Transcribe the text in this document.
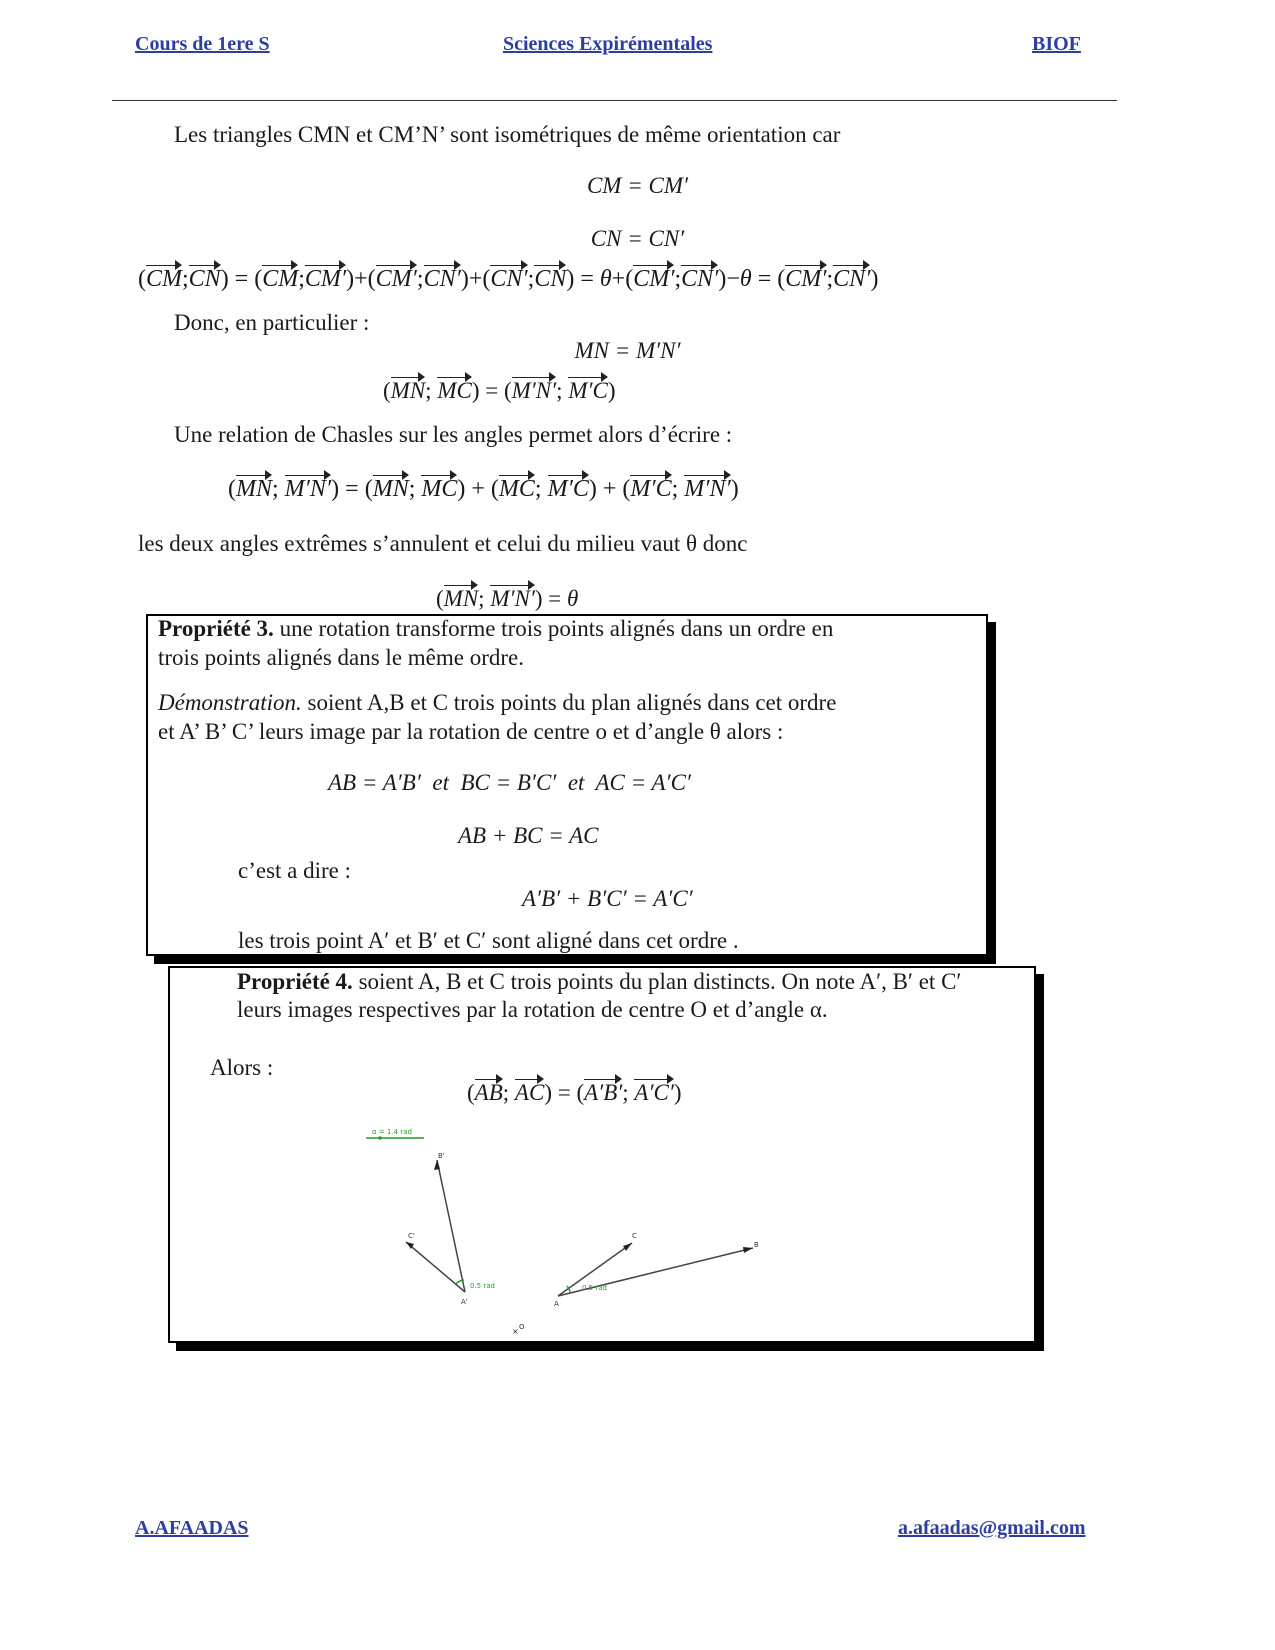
Cours de 1ere S	Sciences Expirémentales	BIOF
Les triangles CMN et CM’N’ sont isométriques de même orientation car
CM = CM′
CN = CN′
(CM;CN) = (CM;CM′)+(CM′;CN′)+(CN′;CN) = θ+(CM′;CN′)−θ = (CM′;CN′)
Donc, en particulier :
MN = M′N′
(MN; MC) = (M′N′; M′C)
Une relation de Chasles sur les angles permet alors d’écrire :
(MN; M′N′) = (MN; MC) + (MC; M′C) + (M′C; M′N′)
les deux angles extrêmes s’annulent et celui du milieu vaut θ donc
(MN; M′N′) = θ
Propriété 3. une rotation transforme trois points alignés dans un ordre en
trois points alignés dans le même ordre.
Démonstration. soient A,B et C trois points du plan alignés dans cet ordre
et A’ B’ C’ leurs image par la rotation de centre o et d’angle θ alors :
AB = A′B′  et  BC = B′C′  et  AC = A′C′
AB + BC = AC
c’est a dire :
A′B′ + B′C′ = A′C′
les trois point A′ et B′ et C′ sont aligné dans cet ordre .
Propriété 4. soient A, B et C trois points du plan distincts. On note A′, B′ et C′
leurs images respectives par la rotation de centre O et d’angle α.
Alors :
(AB; AC) = (A′B′; A′C′)
α = 1.4 rad
0.5 rad
A'
B'
C'
0.5 rad
A
B
C
× O
A.AFAADAS	a.afaadas@gmail.com
